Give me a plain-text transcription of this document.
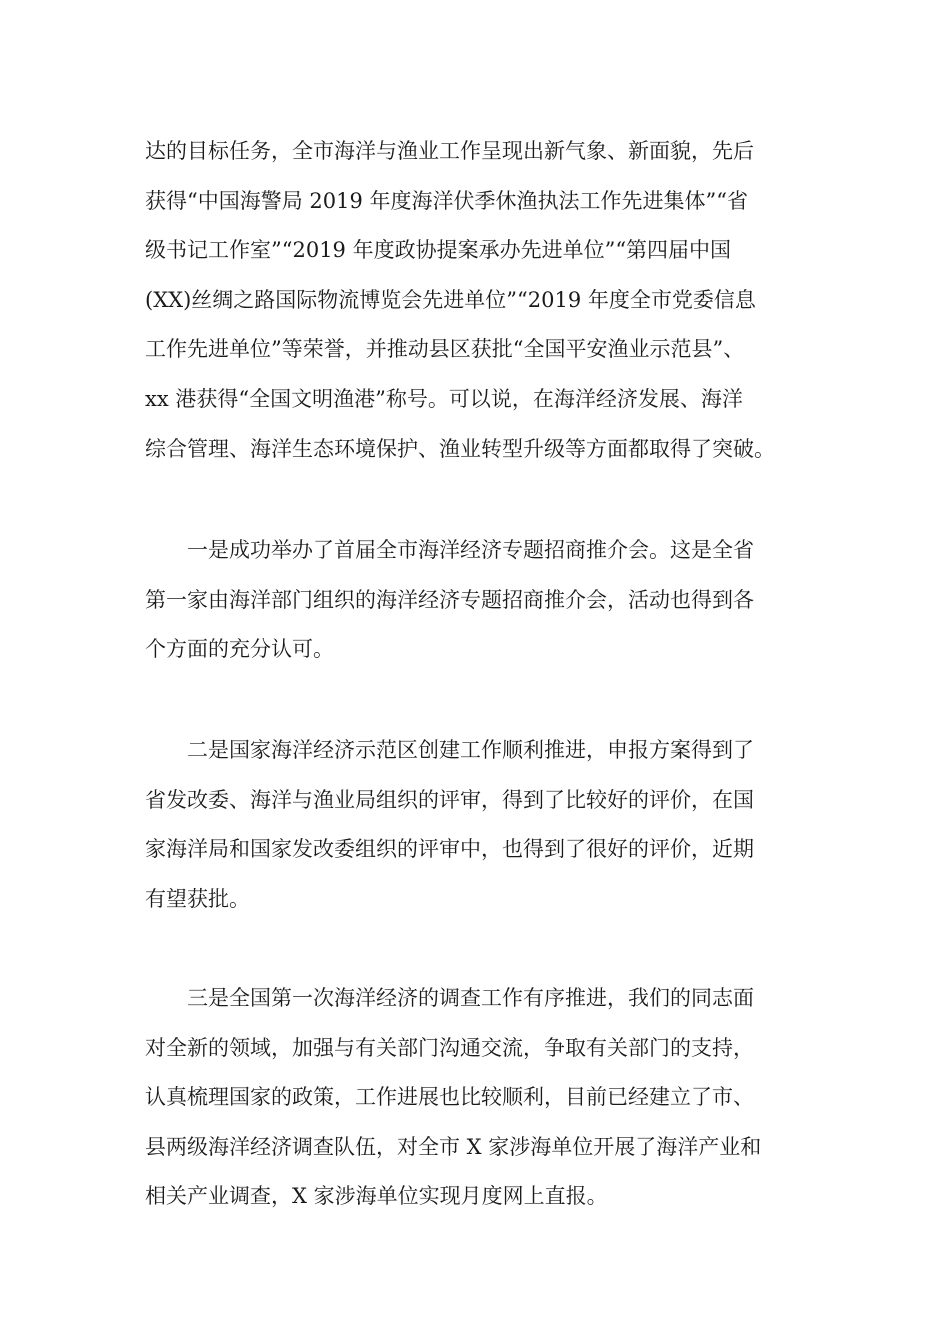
达的目标任务，全市海洋与渔业工作呈现出新气象、新面貌，先后
获得“中国海警局 2019 年度海洋伏季休渔执法工作先进集体”“省
级书记工作室”“2019 年度政协提案承办先进单位”“第四届中国
(XX)丝绸之路国际物流博览会先进单位”“2019 年度全市党委信息
工作先进单位”等荣誉，并推动县区获批“全国平安渔业示范县”、
xx 港获得“全国文明渔港”称号。可以说，在海洋经济发展、海洋
综合管理、海洋生态环境保护、渔业转型升级等方面都取得了突破。
一是成功举办了首届全市海洋经济专题招商推介会。这是全省
第一家由海洋部门组织的海洋经济专题招商推介会，活动也得到各
个方面的充分认可。
二是国家海洋经济示范区创建工作顺利推进，申报方案得到了
省发改委、海洋与渔业局组织的评审，得到了比较好的评价，在国
家海洋局和国家发改委组织的评审中，也得到了很好的评价，近期
有望获批。
三是全国第一次海洋经济的调查工作有序推进，我们的同志面
对全新的领域，加强与有关部门沟通交流，争取有关部门的支持，
认真梳理国家的政策，工作进展也比较顺利，目前已经建立了市、
县两级海洋经济调查队伍，对全市 X 家涉海单位开展了海洋产业和
相关产业调查，X 家涉海单位实现月度网上直报。
